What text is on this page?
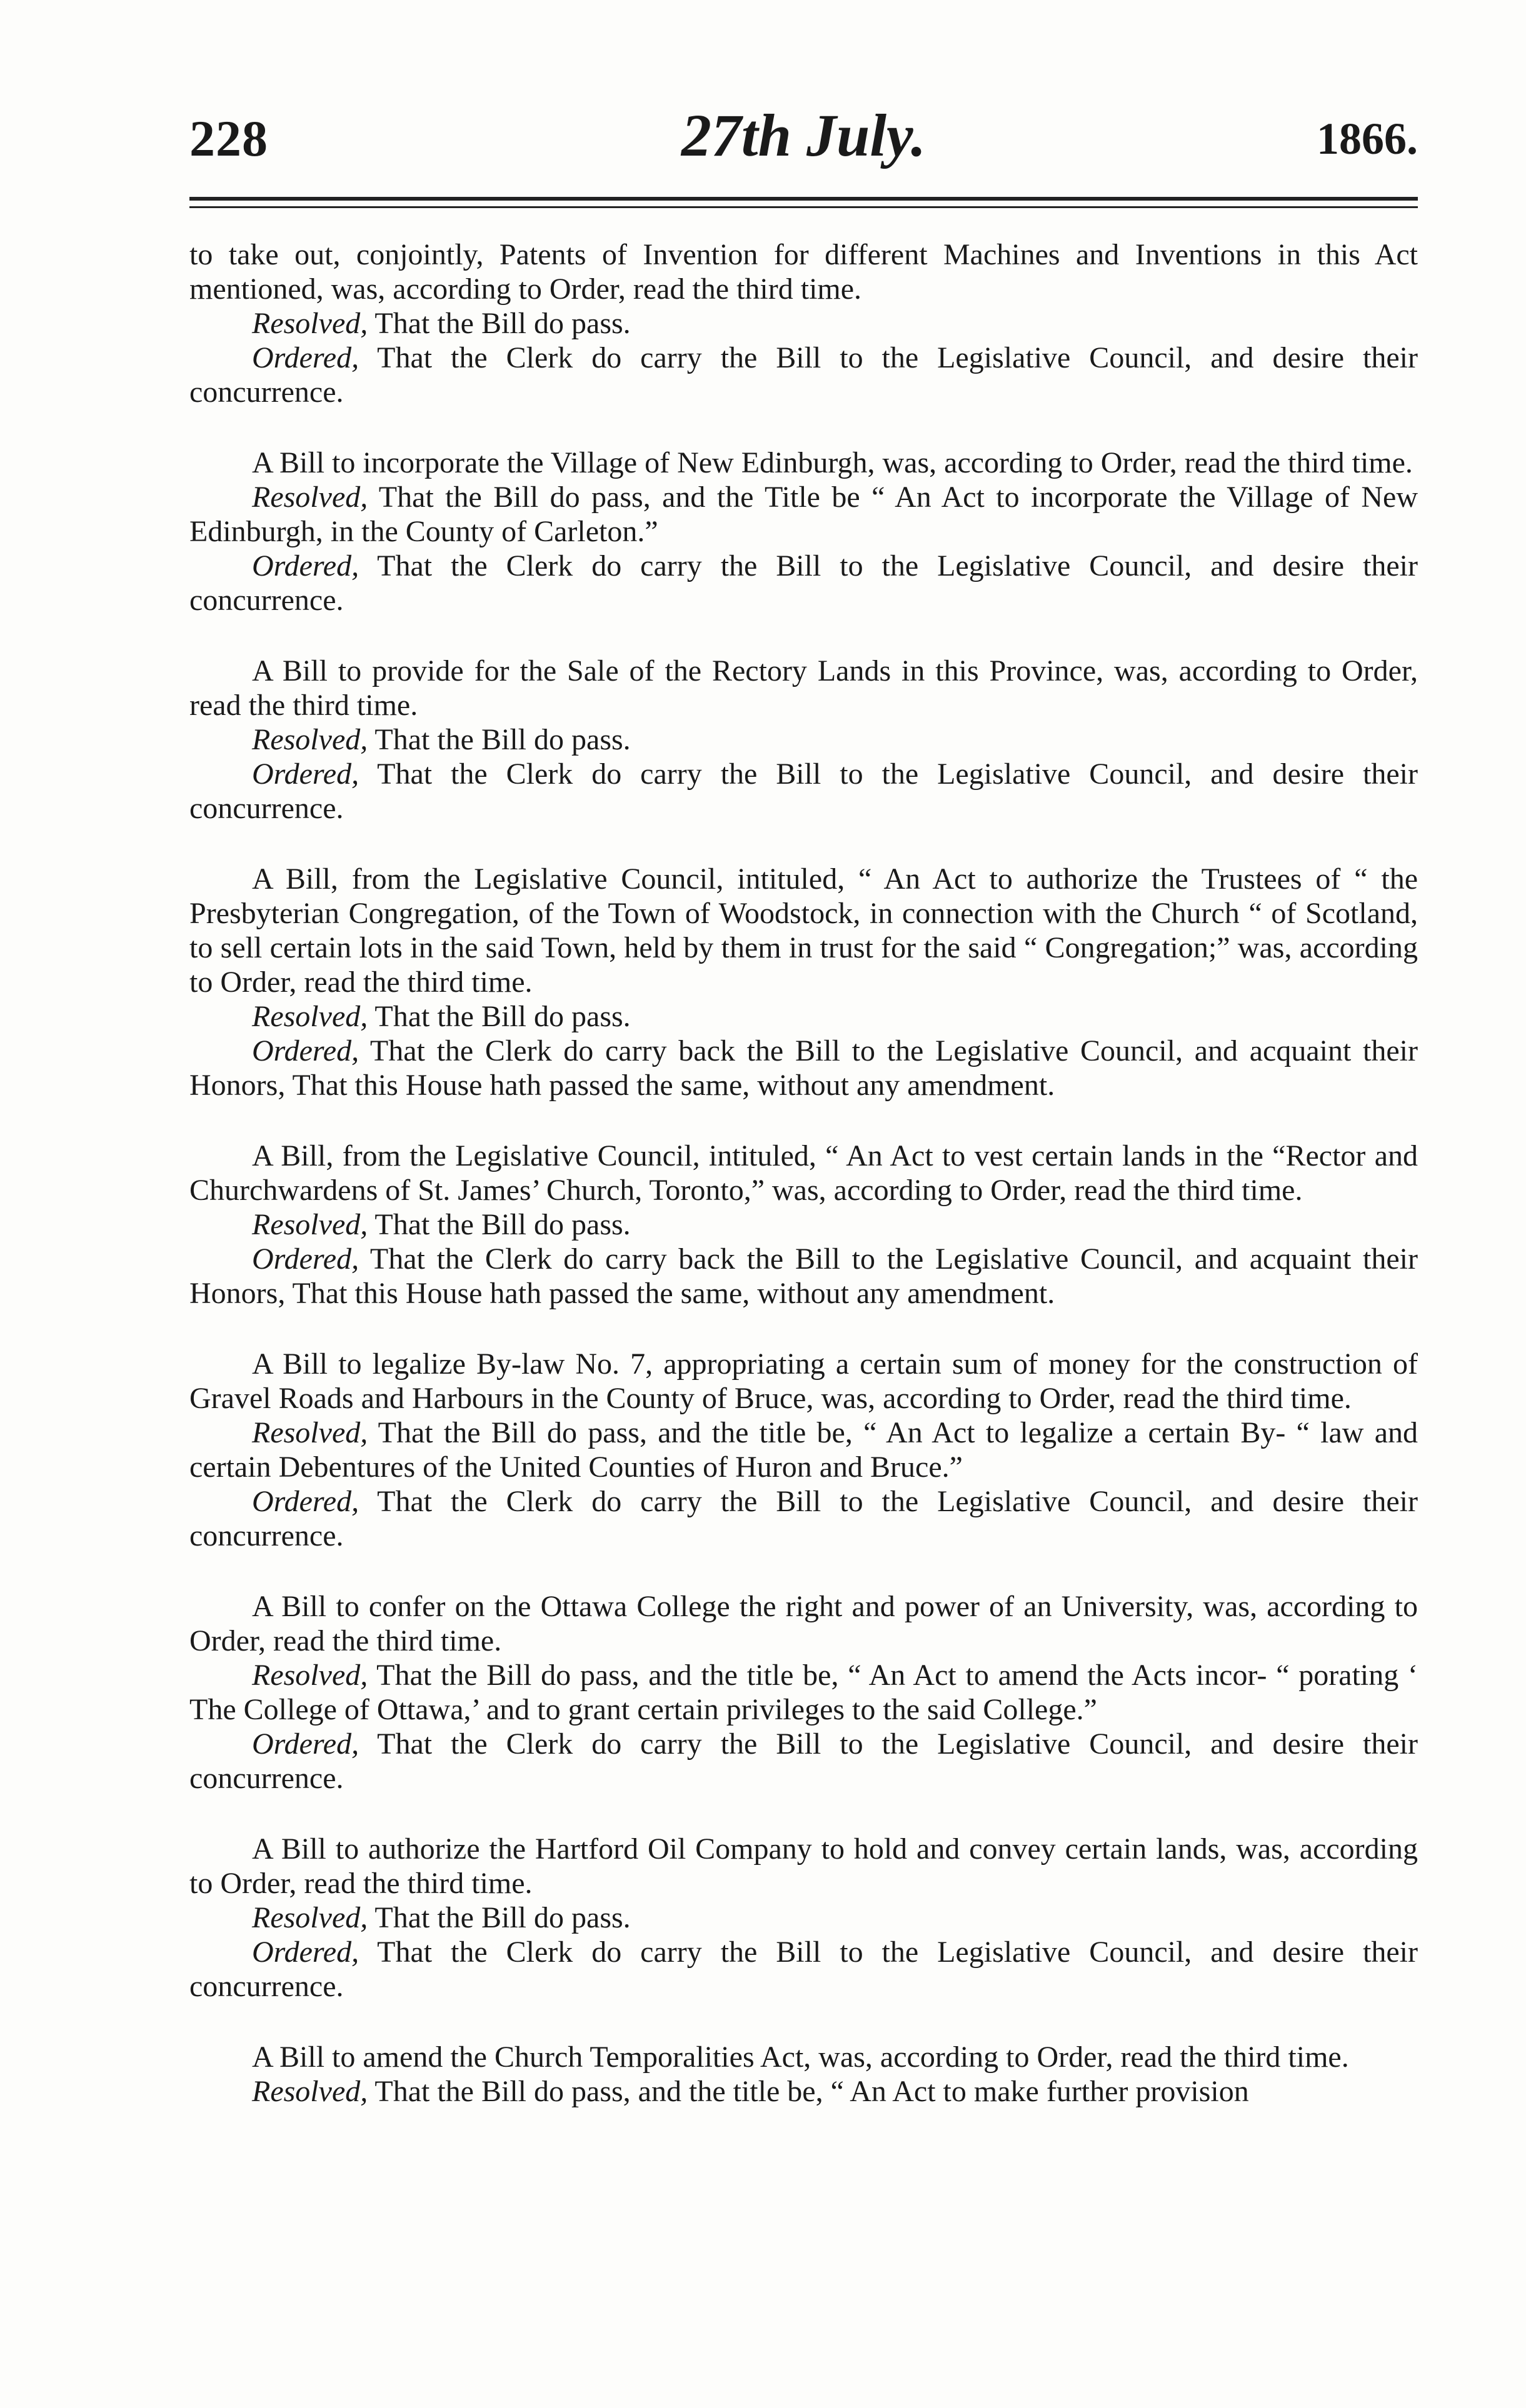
228	27th July.	1866.

to take out, conjointly, Patents of Invention for different Machines and Inventions in this Act mentioned, was, according to Order, read the third time.

Resolved, That the Bill do pass.

Ordered, That the Clerk do carry the Bill to the Legislative Council, and desire their concurrence.

A Bill to incorporate the Village of New Edinburgh, was, according to Order, read the third time.

Resolved, That the Bill do pass, and the Title be “ An Act to incorporate the Village of New Edinburgh, in the County of Carleton.”

Ordered, That the Clerk do carry the Bill to the Legislative Council, and desire their concurrence.

A Bill to provide for the Sale of the Rectory Lands in this Province, was, according to Order, read the third time.

Resolved, That the Bill do pass.

Ordered, That the Clerk do carry the Bill to the Legislative Council, and desire their concurrence.

A Bill, from the Legislative Council, intituled, “ An Act to authorize the Trustees of “ the Presbyterian Congregation, of the Town of Woodstock, in connection with the Church “ of Scotland, to sell certain lots in the said Town, held by them in trust for the said “ Congregation;” was, according to Order, read the third time.

Resolved, That the Bill do pass.

Ordered, That the Clerk do carry back the Bill to the Legislative Council, and acquaint their Honors, That this House hath passed the same, without any amendment.

A Bill, from the Legislative Council, intituled, “ An Act to vest certain lands in the “Rector and Churchwardens of St. James’ Church, Toronto,” was, according to Order, read the third time.

Resolved, That the Bill do pass.

Ordered, That the Clerk do carry back the Bill to the Legislative Council, and acquaint their Honors, That this House hath passed the same, without any amendment.

A Bill to legalize By-law No. 7, appropriating a certain sum of money for the construction of Gravel Roads and Harbours in the County of Bruce, was, according to Order, read the third time.

Resolved, That the Bill do pass, and the title be, “ An Act to legalize a certain By- “ law and certain Debentures of the United Counties of Huron and Bruce.”

Ordered, That the Clerk do carry the Bill to the Legislative Council, and desire their concurrence.

A Bill to confer on the Ottawa College the right and power of an University, was, according to Order, read the third time.

Resolved, That the Bill do pass, and the title be, “ An Act to amend the Acts incor- “ porating ‘ The College of Ottawa,’ and to grant certain privileges to the said College.”

Ordered, That the Clerk do carry the Bill to the Legislative Council, and desire their concurrence.

A Bill to authorize the Hartford Oil Company to hold and convey certain lands, was, according to Order, read the third time.

Resolved, That the Bill do pass.

Ordered, That the Clerk do carry the Bill to the Legislative Council, and desire their concurrence.

A Bill to amend the Church Temporalities Act, was, according to Order, read the third time.

Resolved, That the Bill do pass, and the title be, “ An Act to make further provision
